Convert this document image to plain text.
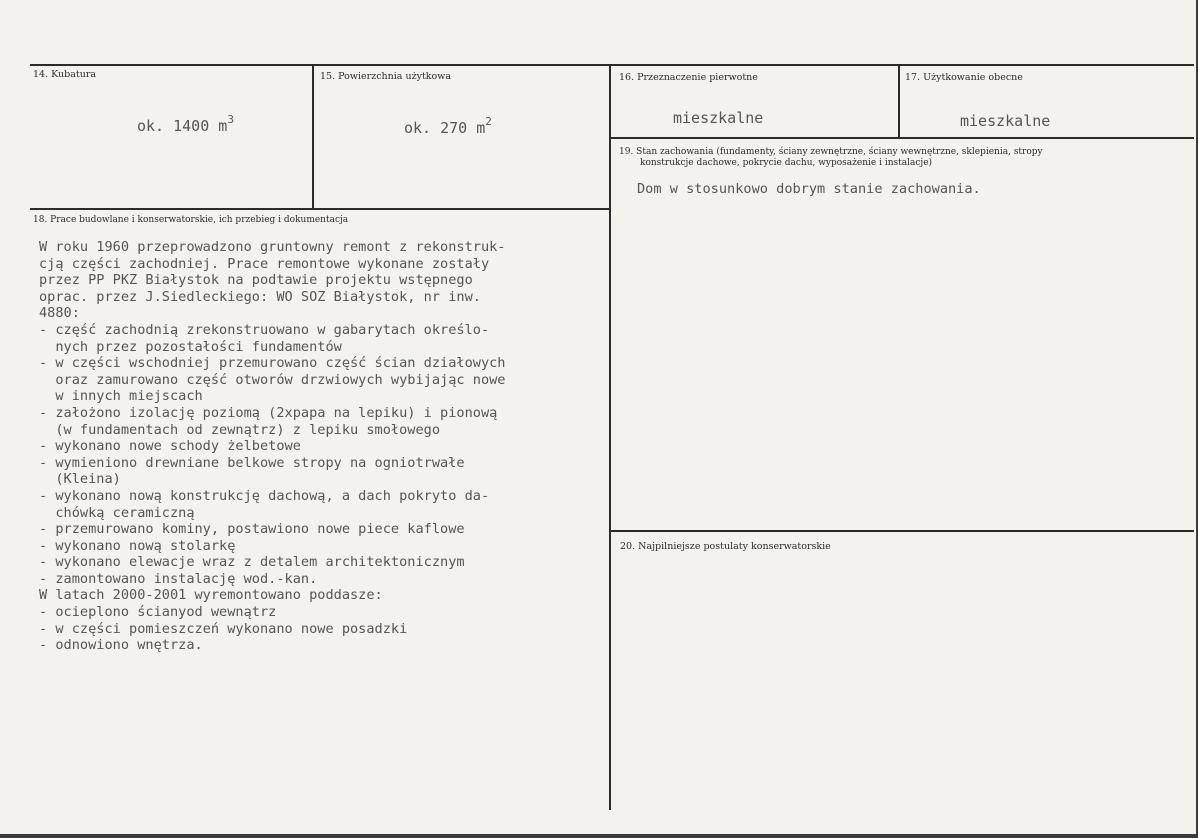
14. Kubatura
ok. 1400 $m^3$
15. Powierzchnia użytkowa
ok. 270 $m^2$
16. Przeznaczenie pierwotne
mieszkalne
17. Użytkowanie obecne
mieszkalne
19. Stan zachowania (fundamenty, ściany zewnętrzne, ściany wewnętrzne, sklepienia, stropy
konstrukcje dachowe, pokrycie dachu, wyposażenie i instalacje)
Dom w stosunkowo dobrym stanie zachowania.
18. Prace budowlane i konserwatorskie, ich przebieg i dokumentacja
W roku 1960 przeprowadzono gruntowny remont z rekonstruk-
cją części zachodniej. Prace remontowe wykonane zostały
przez PP PKZ Białystok na podtawie projektu wstępnego
oprac. przez J.Siedleckiego: WO SOZ Białystok, nr inw.
4880:
- część zachodnią zrekonstruowano w gabarytach określo-
nych przez pozostałości fundamentów
- w części wschodniej przemurowano część ścian działowych
oraz zamurowano część otworów drzwiowych wybijając nowe
w innych miejscach
- założono izolację poziomą (2xpapa na lepiku) i pionową
(w fundamentach od zewnątrz) z lepiku smołowego
- wykonano nowe schody żelbetowe
- wymieniono drewniane belkowe stropy na ogniotrwałe
(Kleina)
- wykonano nową konstrukcję dachową, a dach pokryto da-
chówką ceramiczną
- przemurowano kominy, postawiono nowe piece kaflowe
- wykonano nową stolarkę
- wykonano elewacje wraz z detalem architektonicznym
- zamontowano instalację wod.-kan.
W latach 2000-2001 wyremontowano poddasze:
- ocieplono ścianyod wewnątrz
- w części pomieszczeń wykonano nowe posadzki
- odnowiono wnętrza.
20. Najpilniejsze postulaty konserwatorskie
